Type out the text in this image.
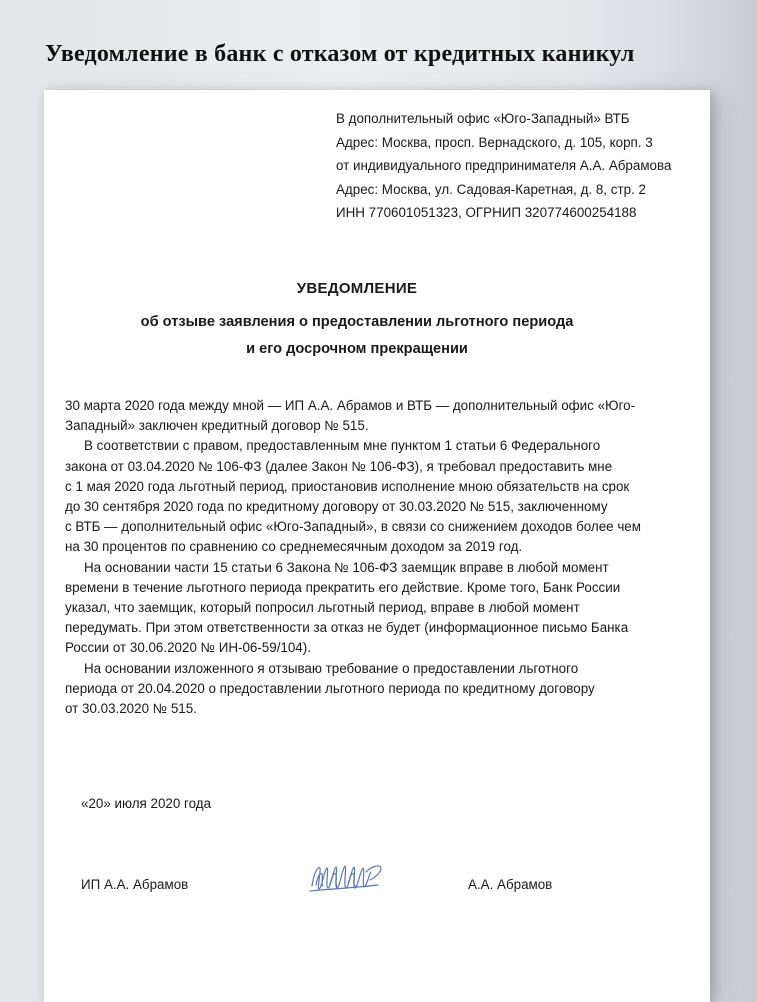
Уведомление в банк с отказом от кредитных каникул
В дополнительный офис «Юго-Западный» ВТБ
Адрес: Москва, просп. Вернадского, д. 105, корп. 3
от индивидуального предпринимателя А.А. Абрамова
Адрес: Москва, ул. Садовая-Каретная, д. 8, стр. 2
ИНН 770601051323, ОГРНИП 320774600254188
УВЕДОМЛЕНИЕ
об отзыве заявления о предоставлении льготного периода
и его досрочном прекращении
30 марта 2020 года между мной — ИП А.А. Абрамов и ВТБ — дополнительный офис «Юго-
Западный» заключен кредитный договор № 515.
В соответствии с правом, предоставленным мне пунктом 1 статьи 6 Федерального
закона от 03.04.2020 № 106-ФЗ (далее Закон № 106-ФЗ), я требовал предоставить мне
с 1 мая 2020 года льготный период, приостановив исполнение мною обязательств на срок
до 30 сентября 2020 года по кредитному договору от 30.03.2020 № 515, заключенному
с ВТБ — дополнительный офис «Юго-Западный», в связи со снижением доходов более чем
на 30 процентов по сравнению со среднемесячным доходом за 2019 год.
На основании части 15 статьи 6 Закона № 106-ФЗ заемщик вправе в любой момент
времени в течение льготного периода прекратить его действие. Кроме того, Банк России
указал, что заемщик, который попросил льготный период, вправе в любой момент
передумать. При этом ответственности за отказ не будет (информационное письмо Банка
России от 30.06.2020 № ИН-06-59/104).
На основании изложенного я отзываю требование о предоставлении льготного
периода от 20.04.2020 о предоставлении льготного периода по кредитному договору
от 30.03.2020 № 515.
«20» июля 2020 года
ИП А.А. Абрамов	А.А. Абрамов
